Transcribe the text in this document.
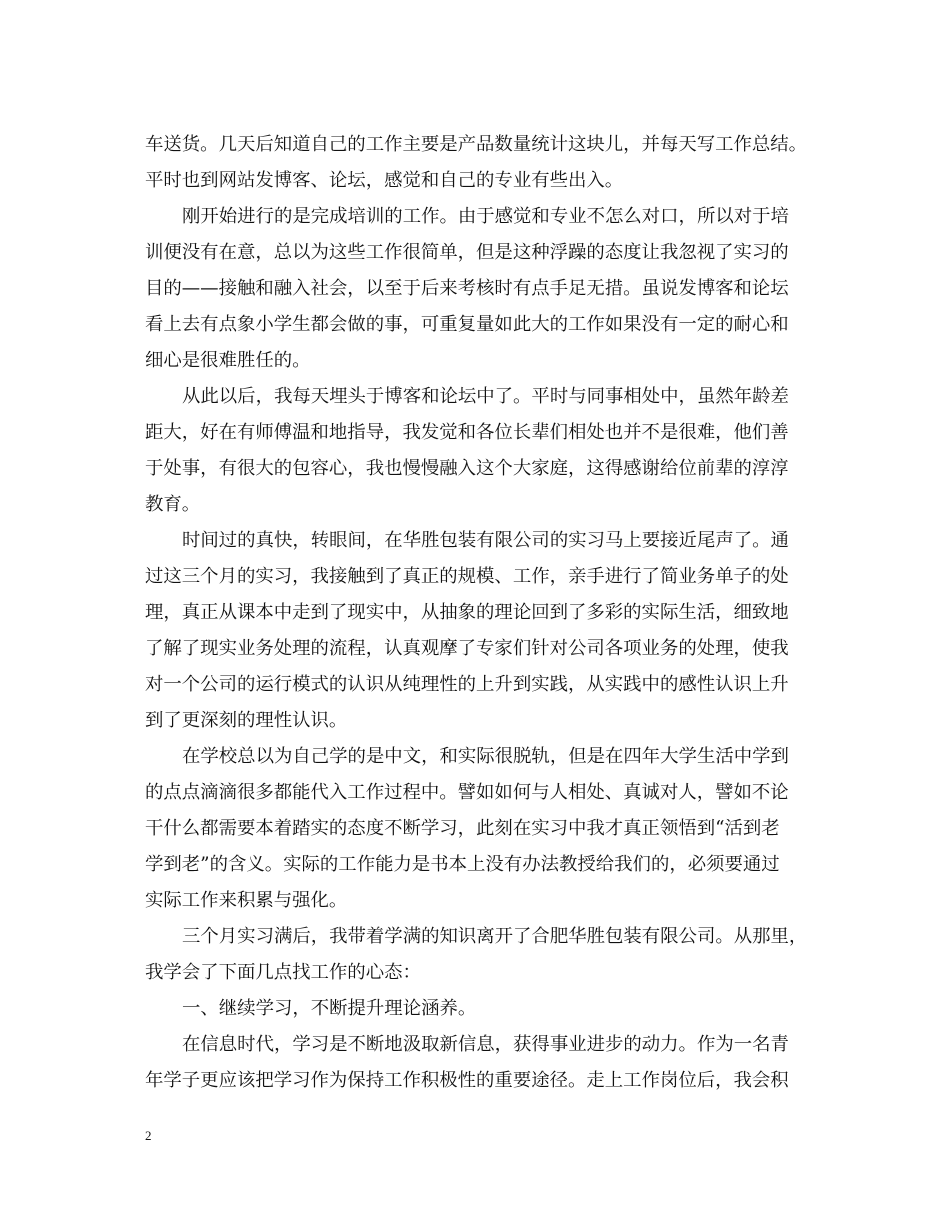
车送货。几天后知道自己的工作主要是产品数量统计这块儿，并每天写工作总结。
平时也到网站发博客、论坛，感觉和自己的专业有些出入。
刚开始进行的是完成培训的工作。由于感觉和专业不怎么对口，所以对于培
训便没有在意，总以为这些工作很简单，但是这种浮躁的态度让我忽视了实习的
目的——接触和融入社会，以至于后来考核时有点手足无措。虽说发博客和论坛
看上去有点象小学生都会做的事，可重复量如此大的工作如果没有一定的耐心和
细心是很难胜任的。
从此以后，我每天埋头于博客和论坛中了。平时与同事相处中，虽然年龄差
距大，好在有师傅温和地指导，我发觉和各位长辈们相处也并不是很难，他们善
于处事，有很大的包容心，我也慢慢融入这个大家庭，这得感谢给位前辈的淳淳
教育。
时间过的真快，转眼间，在华胜包装有限公司的实习马上要接近尾声了。通
过这三个月的实习，我接触到了真正的规模、工作，亲手进行了简业务单子的处
理，真正从课本中走到了现实中，从抽象的理论回到了多彩的实际生活，细致地
了解了现实业务处理的流程，认真观摩了专家们针对公司各项业务的处理，使我
对一个公司的运行模式的认识从纯理性的上升到实践，从实践中的感性认识上升
到了更深刻的理性认识。
在学校总以为自己学的是中文，和实际很脱轨，但是在四年大学生活中学到
的点点滴滴很多都能代入工作过程中。譬如如何与人相处、真诚对人，譬如不论
干什么都需要本着踏实的态度不断学习，此刻在实习中我才真正领悟到“活到老
学到老”的含义。实际的工作能力是书本上没有办法教授给我们的，必须要通过
实际工作来积累与强化。
三个月实习满后，我带着学满的知识离开了合肥华胜包装有限公司。从那里，
我学会了下面几点找工作的心态：
一、继续学习，不断提升理论涵养。
在信息时代，学习是不断地汲取新信息，获得事业进步的动力。作为一名青
年学子更应该把学习作为保持工作积极性的重要途径。走上工作岗位后，我会积
2
